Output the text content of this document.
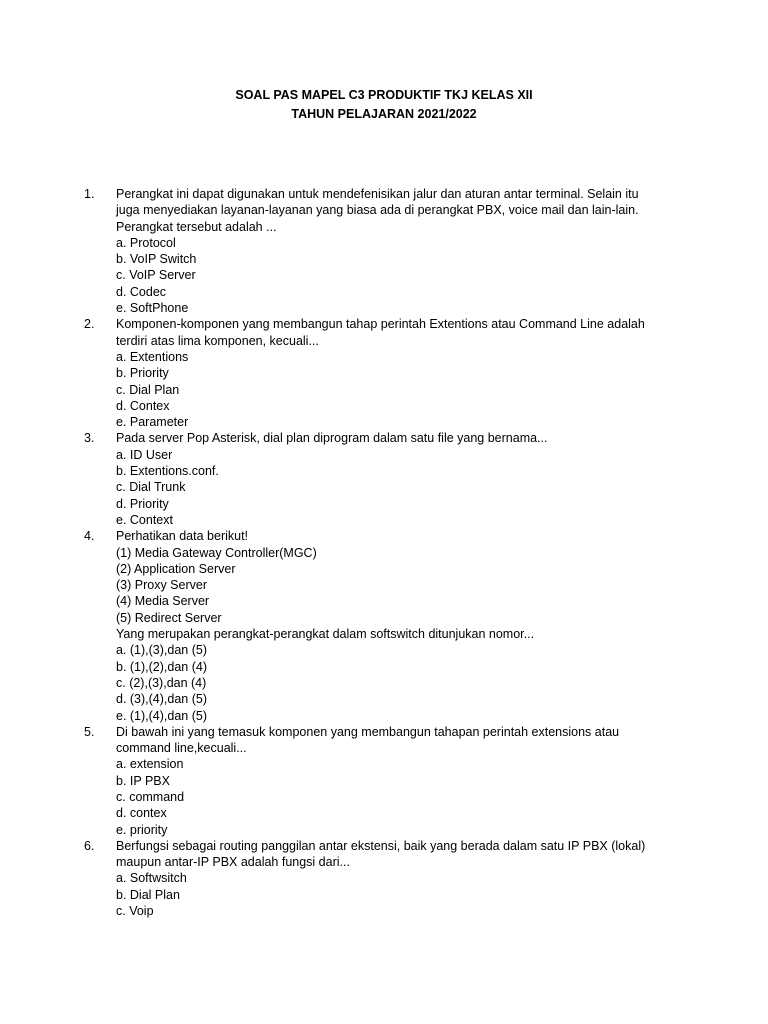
SOAL PAS MAPEL C3 PRODUKTIF TKJ KELAS XII
TAHUN PELAJARAN 2021/2022
1.	Perangkat ini dapat digunakan untuk mendefenisikan jalur dan aturan antar terminal. Selain itu
juga menyediakan layanan-layanan yang biasa ada di perangkat PBX, voice mail dan lain-lain.
Perangkat tersebut adalah ...
a. Protocol
b. VoIP Switch
c. VoIP Server
d. Codec
e. SoftPhone
2.	Komponen-komponen yang membangun tahap perintah Extentions atau Command Line adalah
terdiri atas lima komponen, kecuali...
a. Extentions
b. Priority
c. Dial Plan
d. Contex
e. Parameter
3.	Pada server Pop Asterisk, dial plan diprogram dalam satu file yang bernama...
a. ID User
b. Extentions.conf.
c. Dial Trunk
d. Priority
e. Context
4.	Perhatikan data berikut!
(1) Media Gateway Controller(MGC)
(2) Application Server
(3) Proxy Server
(4) Media Server
(5) Redirect Server
Yang merupakan perangkat-perangkat dalam softswitch ditunjukan nomor...
a. (1),(3),dan (5)
b. (1),(2),dan (4)
c. (2),(3),dan (4)
d. (3),(4),dan (5)
e. (1),(4),dan (5)
5.	Di bawah ini yang temasuk komponen yang membangun tahapan perintah extensions atau
command line,kecuali...
a. extension
b. IP PBX
c. command
d. contex
e. priority
6.	Berfungsi sebagai routing panggilan antar ekstensi, baik yang berada dalam satu IP PBX (lokal)
maupun antar-IP PBX adalah fungsi dari...
a. Softwsitch
b. Dial Plan
c. Voip
